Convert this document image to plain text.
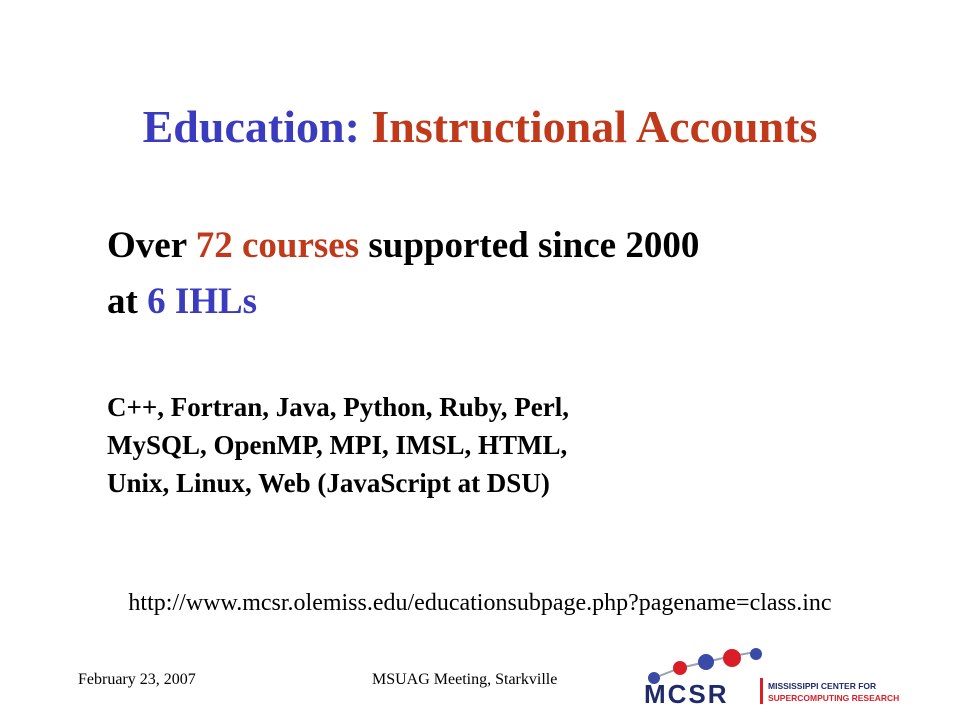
Education: Instructional Accounts
Over 72 courses supported since 2000
at 6 IHLs
C++, Fortran, Java, Python, Ruby, Perl,
MySQL, OpenMP, MPI, IMSL, HTML,
Unix, Linux, Web (JavaScript at DSU)
http://www.mcsr.olemiss.edu/educationsubpage.php?pagename=class.inc
February 23, 2007	MSUAG Meeting, Starkville	MCSR	MISSISSIPPI CENTER FOR
SUPERCOMPUTING RESEARCH
